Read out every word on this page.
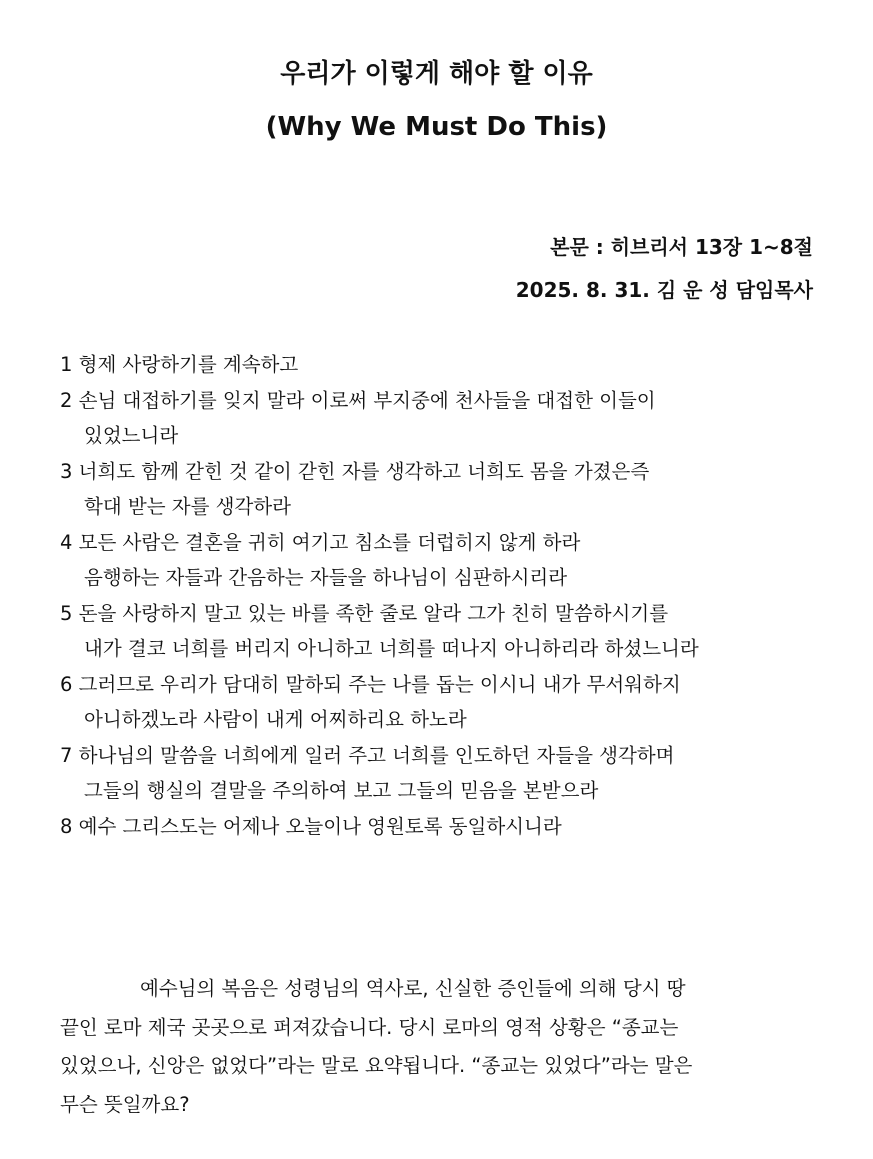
우리가 이렇게 해야 할 이유
(Why We Must Do This)
본문 : 히브리서 13장 1~8절
2025. 8. 31. 김 운 성 담임목사
1 형제 사랑하기를 계속하고
2 손님 대접하기를 잊지 말라 이로써 부지중에 천사들을 대접한 이들이
있었느니라
3 너희도 함께 갇힌 것 같이 갇힌 자를 생각하고 너희도 몸을 가졌은즉
학대 받는 자를 생각하라
4 모든 사람은 결혼을 귀히 여기고 침소를 더럽히지 않게 하라
음행하는 자들과 간음하는 자들을 하나님이 심판하시리라
5 돈을 사랑하지 말고 있는 바를 족한 줄로 알라 그가 친히 말씀하시기를
내가 결코 너희를 버리지 아니하고 너희를 떠나지 아니하리라 하셨느니라
6 그러므로 우리가 담대히 말하되 주는 나를 돕는 이시니 내가 무서워하지
아니하겠노라 사람이 내게 어찌하리요 하노라
7 하나님의 말씀을 너희에게 일러 주고 너희를 인도하던 자들을 생각하며
그들의 행실의 결말을 주의하여 보고 그들의 믿음을 본받으라
8 예수 그리스도는 어제나 오늘이나 영원토록 동일하시니라
예수님의 복음은 성령님의 역사로, 신실한 증인들에 의해 당시 땅
끝인 로마 제국 곳곳으로 퍼져갔습니다. 당시 로마의 영적 상황은 “종교는
있었으나, 신앙은 없었다”라는 말로 요약됩니다. “종교는 있었다”라는 말은
무슨 뜻일까요?
